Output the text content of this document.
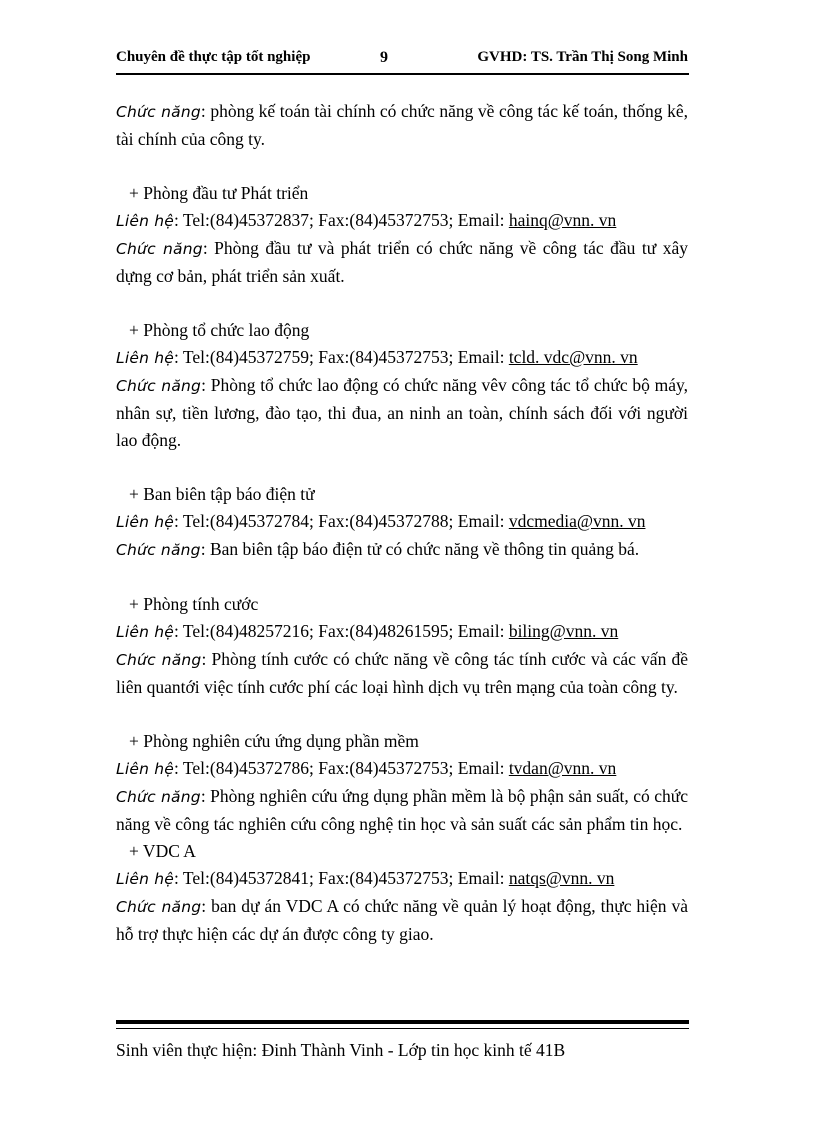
Chuyên đề thực tập tốt nghiệp	9	GVHD: TS. Trần Thị Song Minh

Chức năng: phòng kế toán tài chính có chức năng về công tác kế toán, thống kê, tài chính của công ty.

+ Phòng đầu tư Phát triển

Liên hệ: Tel:(84)45372837; Fax:(84)45372753; Email: hainq@vnn. vn

Chức năng: Phòng đầu tư và phát triển có chức năng về công tác đầu tư xây dựng cơ bản, phát triển sản xuất.

+ Phòng tổ chức lao động

Liên hệ: Tel:(84)45372759; Fax:(84)45372753; Email: tcld. vdc@vnn. vn

Chức năng: Phòng tổ chức lao động có chức năng vêv công tác tổ chức bộ máy, nhân sự, tiền lương, đào tạo, thi đua, an ninh an toàn, chính sách đối với người lao động.

+ Ban biên tập báo điện tử

Liên hệ: Tel:(84)45372784; Fax:(84)45372788; Email: vdcmedia@vnn. vn

Chức năng: Ban biên tập báo điện tử có chức năng về thông tin quảng bá.

+ Phòng tính cước

Liên hệ: Tel:(84)48257216; Fax:(84)48261595; Email: biling@vnn. vn

Chức năng: Phòng tính cước có chức năng về công tác tính cước và các vấn đề liên quantới việc tính cước phí các loại hình dịch vụ trên mạng của toàn công ty.

+ Phòng nghiên cứu ứng dụng phần mềm

Liên hệ: Tel:(84)45372786; Fax:(84)45372753; Email: tvdan@vnn. vn

Chức năng: Phòng nghiên cứu ứng dụng phần mềm là bộ phận sản suất, có chức năng về công tác nghiên cứu công nghệ tin học và sản suất các sản phẩm tin học.

+ VDC A

Liên hệ: Tel:(84)45372841; Fax:(84)45372753; Email: natqs@vnn. vn

Chức năng: ban dự án VDC A có chức năng về quản lý hoạt động, thực hiện và hỗ trợ thực hiện các dự án được công ty giao.

Sinh viên thực hiện: Đinh Thành Vinh - Lớp tin học kinh tế 41B
